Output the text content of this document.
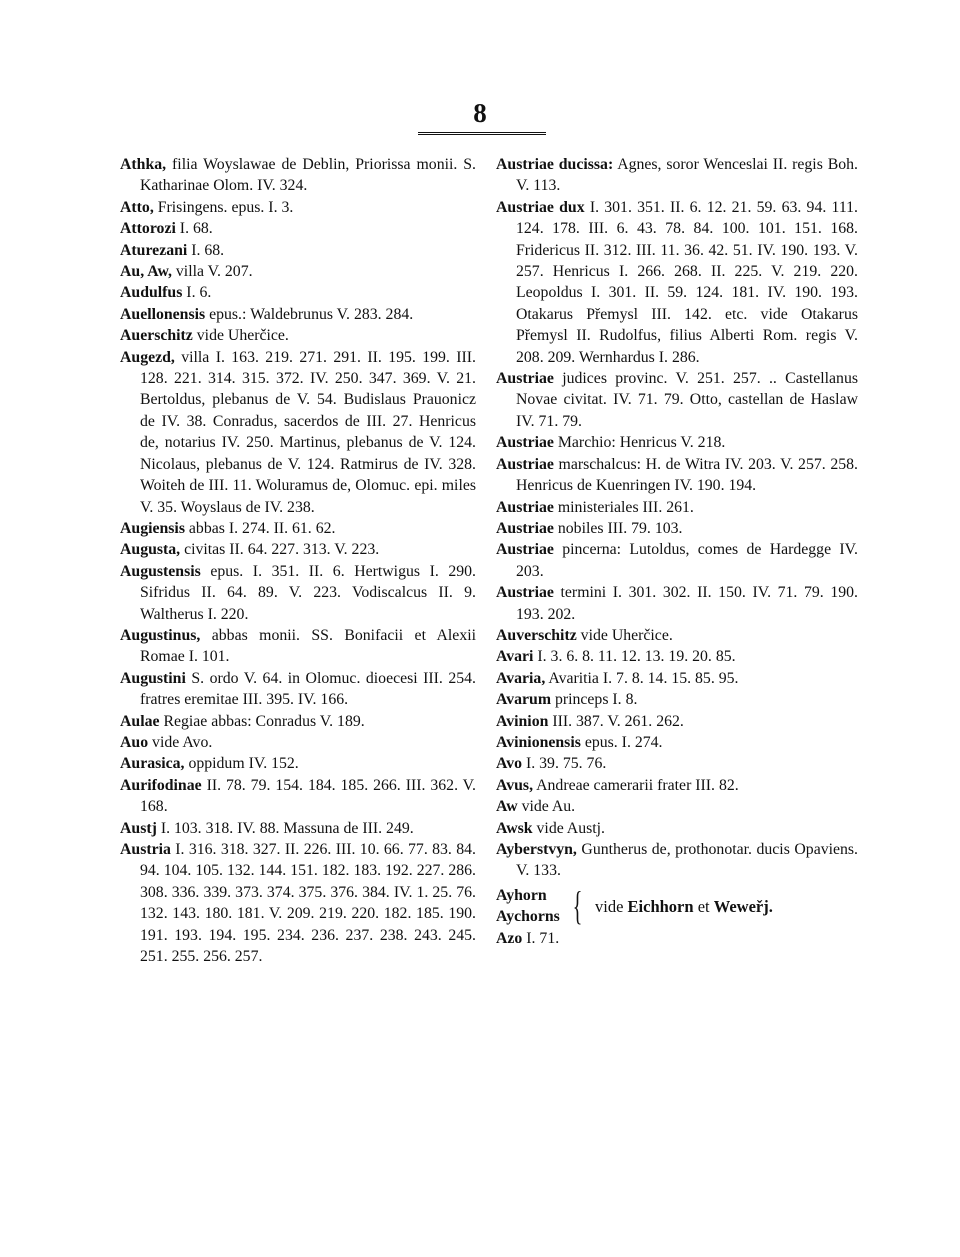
8

Athka, filia Woyslawae de Deblin, Priorissa monii. S. Katharinae Olom. IV. 324.

Atto, Frisingens. epus. I. 3.

Attorozi I. 68.

Aturezani I. 68.

Au, Aw, villa V. 207.

Audulfus I. 6.

Auellonensis epus.: Waldebrunus V. 283. 284.

Auerschitz vide Uherčice.

Augezd, villa I. 163. 219. 271. 291. II. 195. 199. III. 128. 221. 314. 315. 372. IV. 250. 347. 369. V. 21. Bertoldus, plebanus de V. 54. Budislaus Prauonicz de IV. 38. Conradus, sacerdos de III. 27. Henricus de, notarius IV. 250. Martinus, plebanus de V. 124. Nicolaus, plebanus de V. 124. Ratmirus de IV. 328. Woiteh de III. 11. Woluramus de, Olomuc. epi. miles V. 35. Woyslaus de IV. 238.

Augiensis abbas I. 274. II. 61. 62.

Augusta, civitas II. 64. 227. 313. V. 223.

Augustensis epus. I. 351. II. 6. Hertwigus I. 290. Sifridus II. 64. 89. V. 223. Vodiscalcus II. 9. Waltherus I. 220.

Augustinus, abbas monii. SS. Bonifacii et Alexii Romae I. 101.

Augustini S. ordo V. 64. in Olomuc. dioecesi III. 254. fratres eremitae III. 395. IV. 166.

Aulae Regiae abbas: Conradus V. 189.

Auo vide Avo.

Aurasica, oppidum IV. 152.

Aurifodinae II. 78. 79. 154. 184. 185. 266. III. 362. V. 168.

Austj I. 103. 318. IV. 88. Massuna de III. 249.

Austria I. 316. 318. 327. II. 226. III. 10. 66. 77. 83. 84. 94. 104. 105. 132. 144. 151. 182. 183. 192. 227. 286. 308. 336. 339. 373. 374. 375. 376. 384. IV. 1. 25. 76. 132. 143. 180. 181. V. 209. 219. 220. 182. 185. 190. 191. 193. 194. 195. 234. 236. 237. 238. 243. 245. 251. 255. 256. 257.

Austriae ducissa: Agnes, soror Wenceslai II. regis Boh. V. 113.

Austriae dux I. 301. 351. II. 6. 12. 21. 59. 63. 94. 111. 124. 178. III. 6. 43. 78. 84. 100. 101. 151. 168. Fridericus II. 312. III. 11. 36. 42. 51. IV. 190. 193. V. 257. Henricus I. 266. 268. II. 225. V. 219. 220. Leopoldus I. 301. II. 59. 124. 181. IV. 190. 193. Otakarus Přemysl III. 142. etc. vide Otakarus Přemysl II. Rudolfus, filius Alberti Rom. regis V. 208. 209. Wernhardus I. 286.

Austriae judices provinc. V. 251. 257. .. Castellanus Novae civitat. IV. 71. 79. Otto, castellan de Haslaw IV. 71. 79.

Austriae Marchio: Henricus V. 218.

Austriae marschalcus: H. de Witra IV. 203. V. 257. 258. Henricus de Kuenringen IV. 190. 194.

Austriae ministeriales III. 261.

Austriae nobiles III. 79. 103.

Austriae pincerna: Lutoldus, comes de Hardegge IV. 203.

Austriae termini I. 301. 302. II. 150. IV. 71. 79. 190. 193. 202.

Auverschitz vide Uherčice.

Avari I. 3. 6. 8. 11. 12. 13. 19. 20. 85.

Avaria, Avaritia I. 7. 8. 14. 15. 85. 95.

Avarum princeps I. 8.

Avinion III. 387. V. 261. 262.

Avinionensis epus. I. 274.

Avo I. 39. 75. 76.

Avus, Andreae camerarii frater III. 82.

Aw vide Au.

Awsk vide Austj.

Ayberstvyn, Guntherus de, prothonotar. ducis Opaviens. V. 133.

Ayhorn
Aychorns { vide Eichhorn et Weweřj.

Azo I. 71.
